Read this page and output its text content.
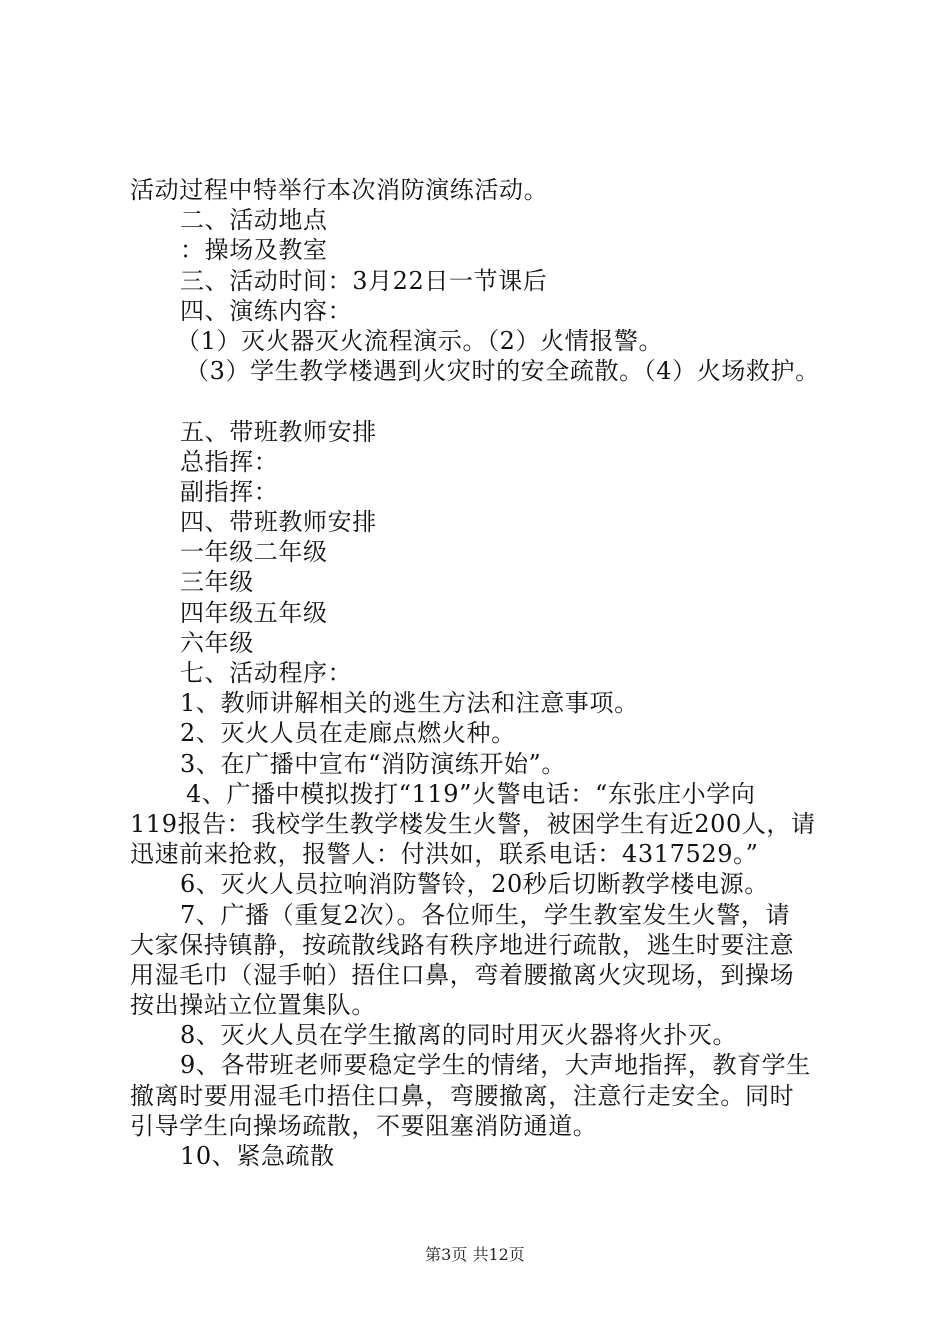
活动过程中特举行本次消防演练活动。
二、活动地点
：操场及教室
三、活动时间：3月22日一节课后
四、演练内容：
（1）灭火器灭火流程演示。（2）火情报警。
（3）学生教学楼遇到火灾时的安全疏散。（4）火场救护。
五、带班教师安排
总指挥：
副指挥：
四、带班教师安排
一年级二年级
三年级
四年级五年级
六年级
七、活动程序：
1、教师讲解相关的逃生方法和注意事项。
2、灭火人员在走廊点燃火种。
3、在广播中宣布“消防演练开始”。
4、广播中模拟拨打“119”火警电话：“东张庄小学向
119报告：我校学生教学楼发生火警，被困学生有近200人，请
迅速前来抢救，报警人：付洪如，联系电话：4317529。”
6、灭火人员拉响消防警铃，20秒后切断教学楼电源。
7、广播（重复2次）。各位师生，学生教室发生火警，请
大家保持镇静，按疏散线路有秩序地进行疏散，逃生时要注意
用湿毛巾（湿手帕）捂住口鼻，弯着腰撤离火灾现场，到操场
按出操站立位置集队。
8、灭火人员在学生撤离的同时用灭火器将火扑灭。
9、各带班老师要稳定学生的情绪，大声地指挥，教育学生
撤离时要用湿毛巾捂住口鼻，弯腰撤离，注意行走安全。同时
引导学生向操场疏散，不要阻塞消防通道。
10、紧急疏散
第3页 共12页
